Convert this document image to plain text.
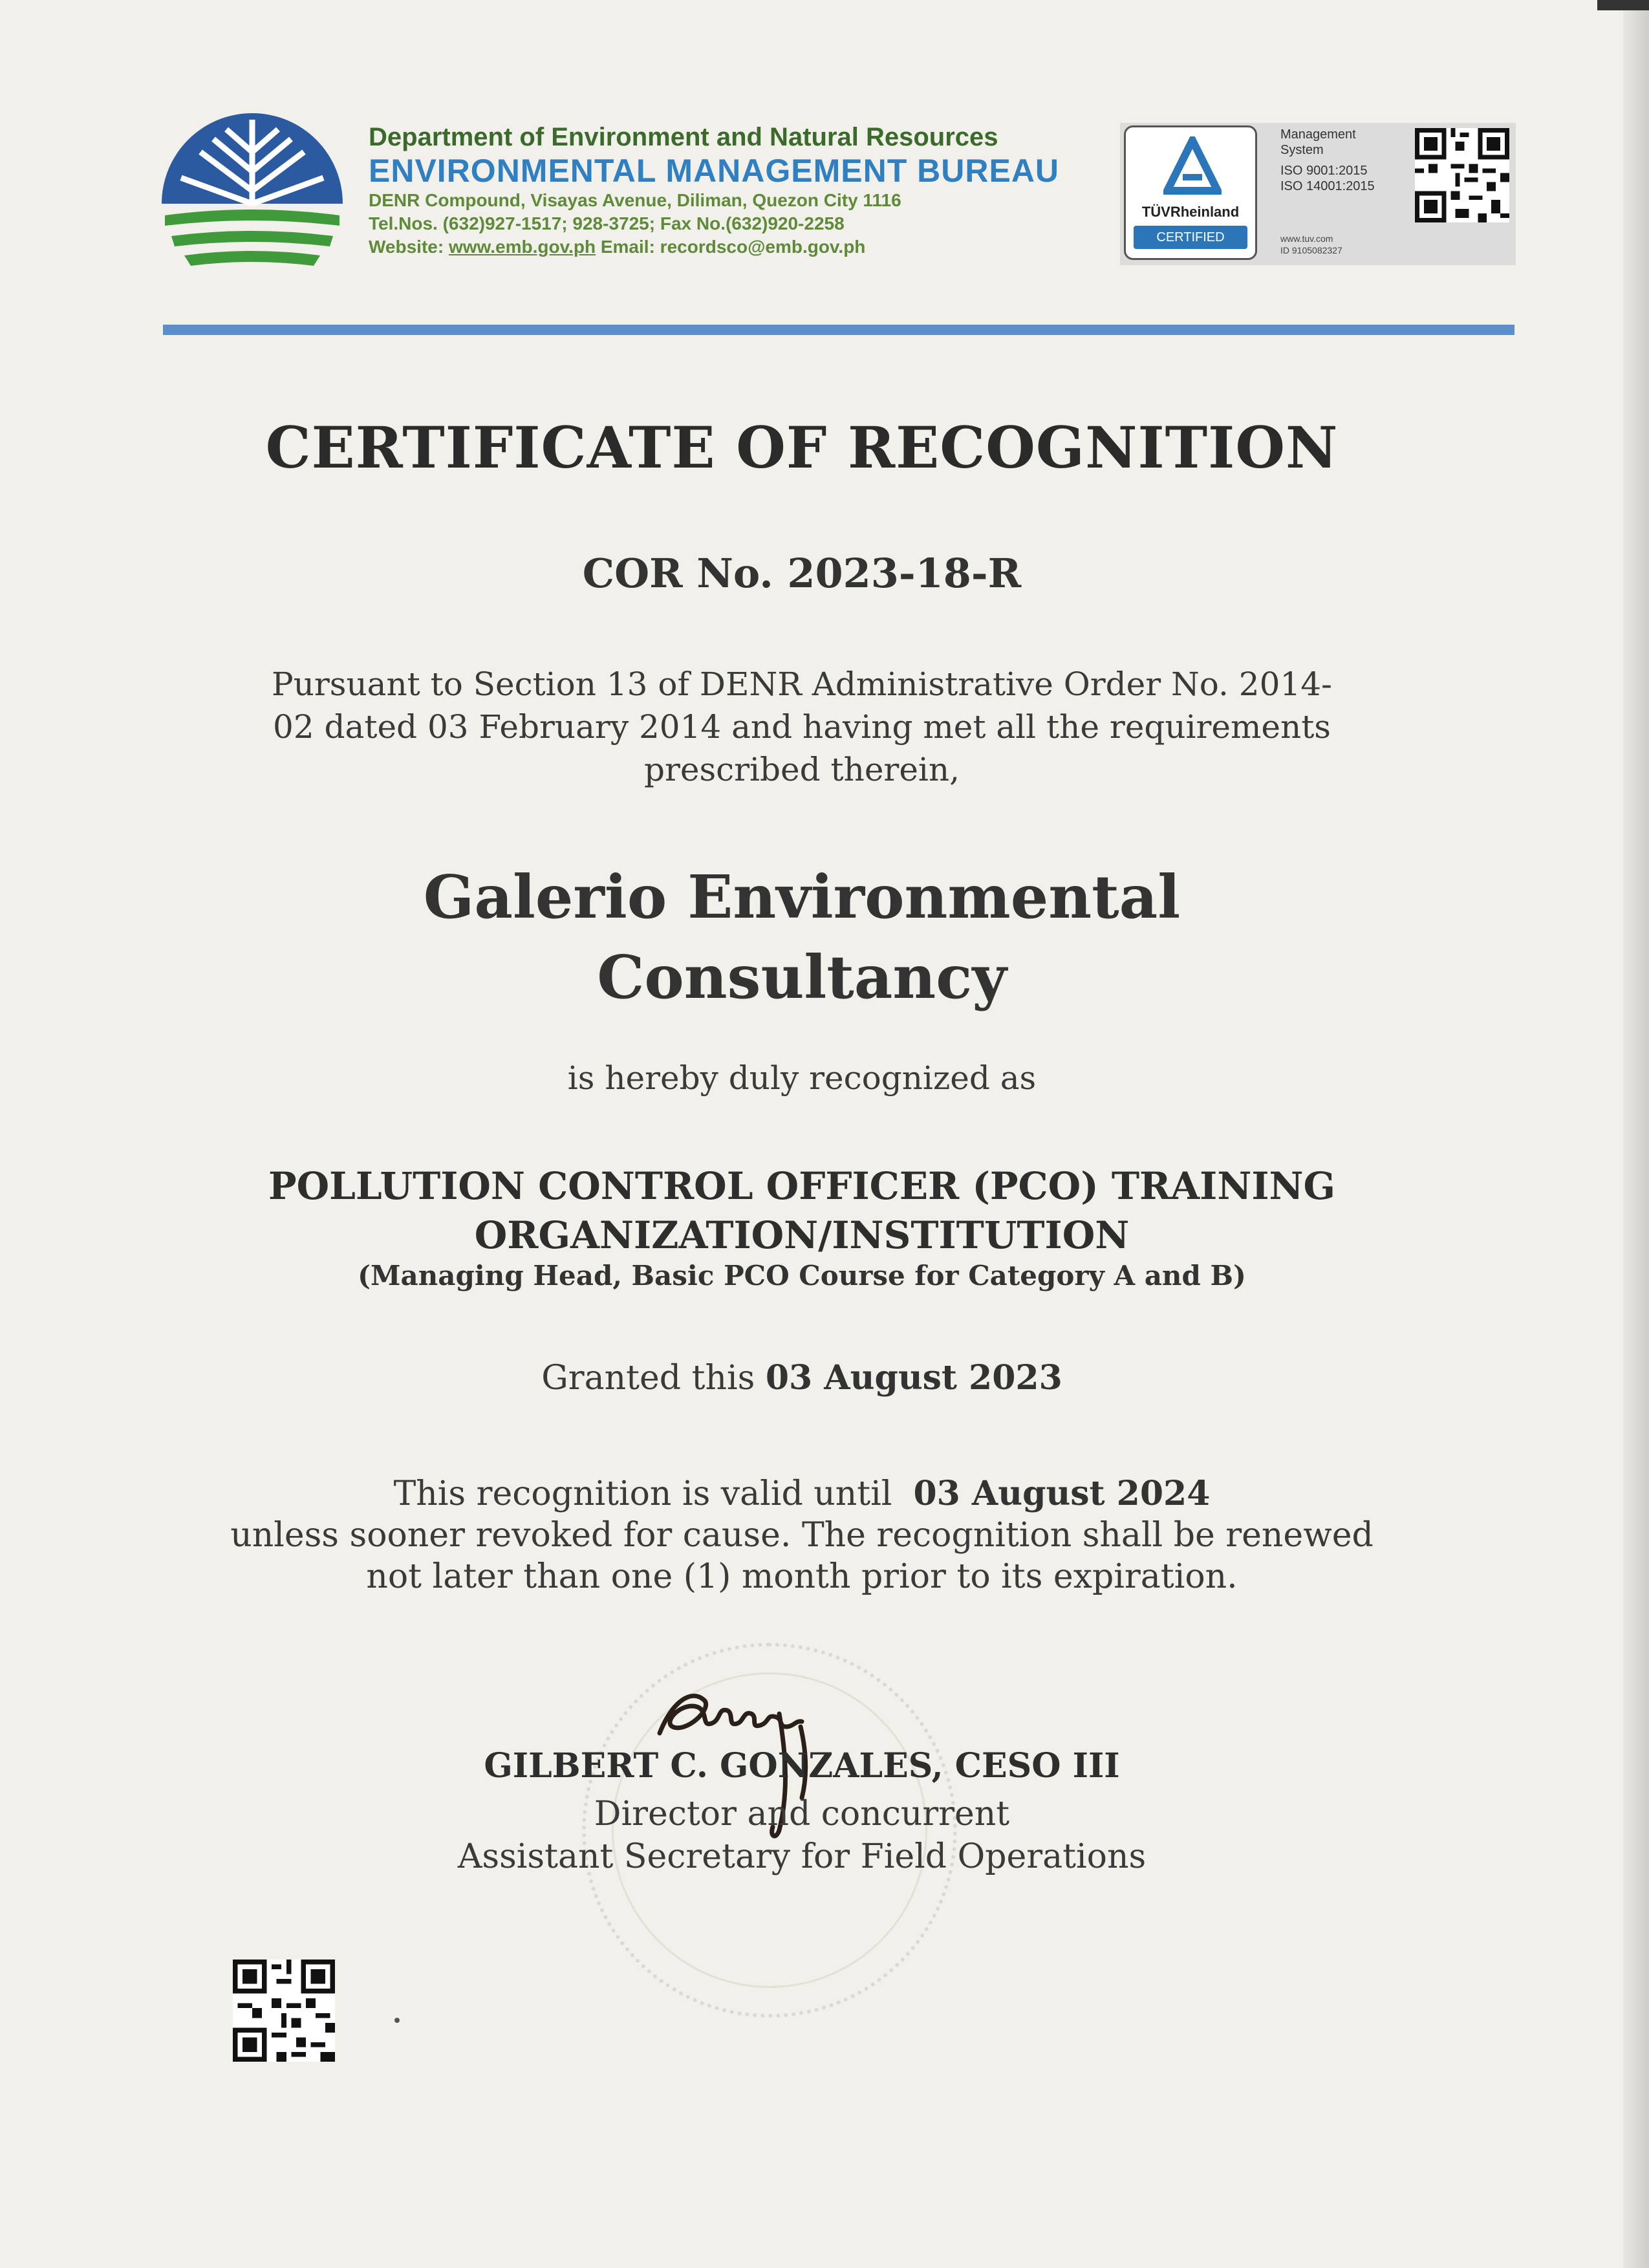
Department of Environment and Natural Resources
ENVIRONMENTAL MANAGEMENT BUREAU
DENR Compound, Visayas Avenue, Diliman, Quezon City 1116
Tel.Nos. (632)927-1517; 928-3725; Fax No.(632)920-2258
Website: www.emb.gov.ph Email: recordsco@emb.gov.ph
TÜVRheinland
CERTIFIED
Management
System
ISO 9001:2015
ISO 14001:2015
www.tuv.com
ID 9105082327
CERTIFICATE OF RECOGNITION
COR No. 2023-18-R
Pursuant to Section 13 of DENR Administrative Order No. 2014-
02 dated 03 February 2014 and having met all the requirements
prescribed therein,
Galerio Environmental
Consultancy
is hereby duly recognized as
POLLUTION CONTROL OFFICER (PCO) TRAINING
ORGANIZATION/INSTITUTION
(Managing Head, Basic PCO Course for Category A and B)
Granted this 03 August 2023
This recognition is valid until 03 August 2024
unless sooner revoked for cause. The recognition shall be renewed
not later than one (1) month prior to its expiration.
GILBERT C. GONZALES, CESO III
Director and concurrent
Assistant Secretary for Field Operations
